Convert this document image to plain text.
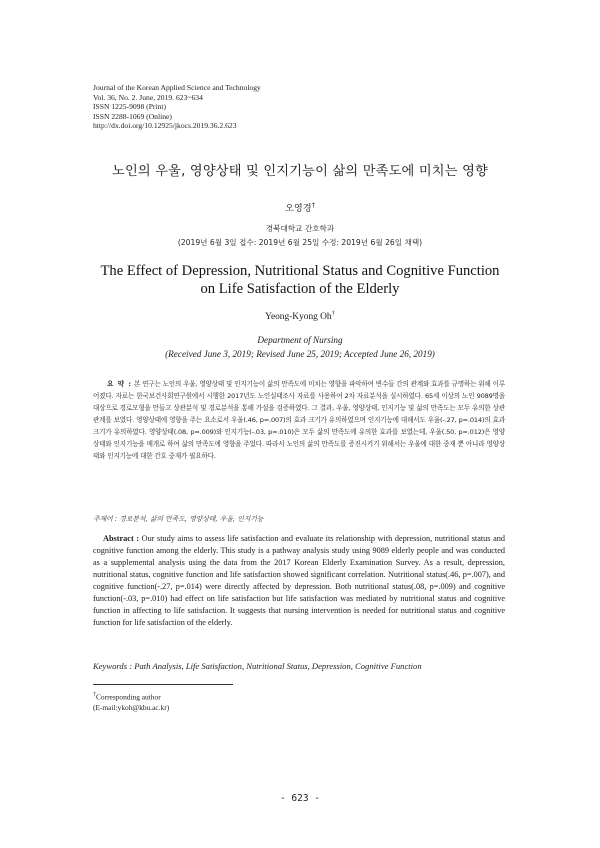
Journal of the Korean Applied Science and Technology
Vol. 36, No. 2. June, 2019. 623~634
ISSN 1225-9098 (Print)
ISSN 2288-1069 (Online)
http://dx.doi.org/10.12925/jkocs.2019.36.2.623
노인의 우울, 영양상태 및 인지기능이 삶의 만족도에 미치는 영향
오영경†
경북대학교 간호학과
(2019년 6월 3일 접수: 2019년 6월 25일 수정: 2019년 6월 26일 채택)
The Effect of Depression, Nutritional Status and Cognitive Function
on Life Satisfaction of the Elderly
Yeong-Kyong Oh†
Department of Nursing
(Received June 3, 2019; Revised June 25, 2019; Accepted June 26, 2019)
요 약 : 본 연구는 노인의 우울, 영양상태 및 인지기능이 삶의 만족도에 미치는 영향을 파악하여 변수들 간의 관계와 효과를 규명하는 위해 이루어졌다. 자료는 한국보건사회연구원에서 시행한 2017년도 노인실태조사 자료를 사용하여 2차 자료분석을 실시하였다. 65세 이상의 노인 9089명을 대상으로 경로모형을 만들고 상관분석 및 경로분석을 통해 가설을 검증하였다. 그 결과, 우울, 영양상태, 인지기능 및 삶의 만족도는 모두 유의한 상관관계를 보였다. 영양상태에 영향을 주는 요소로서 우울(.46, p=.007)의 효과 크기가 유의하였으며 인지기능에 대해서도 우울(-.27, p=.014)의 효과 크기가 유의하였다. 영양상태(.08, p=.009)와 인지기능(-.03, p=.010)은 모두 삶의 만족도에 유의한 효과를 보였는데, 우울(.50, p=.012)은 영양상태와 인지기능을 매개로 하여 삶의 만족도에 영향을 주었다. 따라서 노인의 삶의 만족도를 증진시키기 위해서는 우울에 대한 중재 뿐 아니라 영양상태와 인지기능에 대한 간호 중재가 필요하다.
주제어 : 경로분석, 삶의 만족도, 영양상태, 우울, 인지기능
Abstract : Our study aims to assess life satisfaction and evaluate its relationship with depression, nutritional status and cognitive function among the elderly. This study is a pathway analysis study using 9089 elderly people and was conducted as a supplemental analysis using the data from the 2017 Korean Elderly Examination Survey. As a result, depression, nutritional status, cognitive function and life satisfaction showed significant correlation. Nutritional status(.46, p=.007), and cognitive function(-.27, p=.014) were directly affected by depression. Both nutritional status(.08, p=.009) and cognitive function(-.03, p=.010) had effect on life satisfaction but life satisfaction was mediated by nutritional status and cognitive function in affecting to life satisfaction. It suggests that nursing intervention is needed for nutritional status and cognitive function for life satisfaction of the elderly.
Keywords : Path Analysis, Life Satisfaction, Nutritional Status, Depression, Cognitive Function
†Corresponding author
(E-mail:ykoh@kbu.ac.kr)
- 623 -
